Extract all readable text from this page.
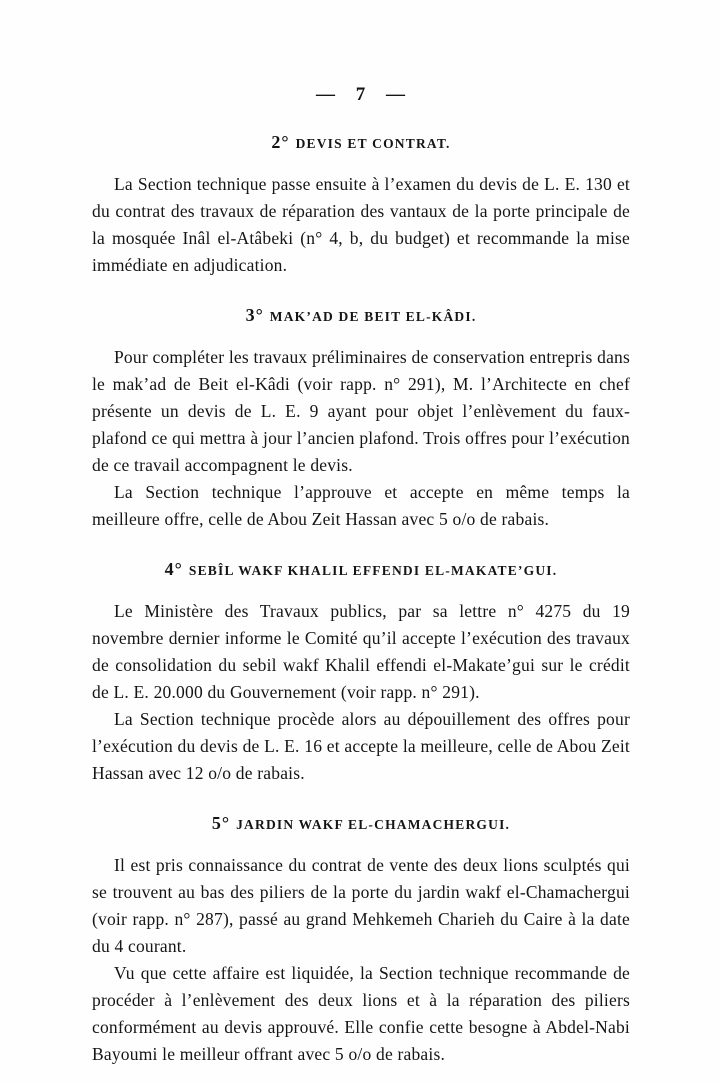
— 7 —
2° DEVIS ET CONTRAT.

La Section technique passe ensuite à l’examen du devis de L. E. 130 et du contrat des travaux de réparation des vantaux de la porte principale de la mosquée Inâl el-Atâbeki (n° 4, b, du budget) et recommande la mise immédiate en adjudication.

3° MAK’AD DE BEIT EL-KÂDI.

Pour compléter les travaux préliminaires de conservation entrepris dans le mak’ad de Beit el-Kâdi (voir rapp. n° 291), M. l’Architecte en chef présente un devis de L. E. 9 ayant pour objet l’enlèvement du faux-plafond ce qui mettra à jour l’ancien plafond. Trois offres pour l’exécution de ce travail accompagnent le devis.

La Section technique l’approuve et accepte en même temps la meilleure offre, celle de Abou Zeit Hassan avec 5 o/o de rabais.

4° SEBÎL WAKF KHALIL EFFENDI EL-MAKATE’GUI.

Le Ministère des Travaux publics, par sa lettre n° 4275 du 19 novembre dernier informe le Comité qu’il accepte l’exécution des travaux de consolidation du sebil wakf Khalil effendi el-Makate’gui sur le crédit de L. E. 20.000 du Gouvernement (voir rapp. n° 291).

La Section technique procède alors au dépouillement des offres pour l’exécution du devis de L. E. 16 et accepte la meilleure, celle de Abou Zeit Hassan avec 12 o/o de rabais.

5° JARDIN WAKF EL-CHAMACHERGUI.

Il est pris connaissance du contrat de vente des deux lions sculptés qui se trouvent au bas des piliers de la porte du jardin wakf el-Chamachergui (voir rapp. n° 287), passé au grand Mehkemeh Charieh du Caire à la date du 4 courant.

Vu que cette affaire est liquidée, la Section technique recommande de procéder à l’enlèvement des deux lions et à la réparation des piliers conformément au devis approuvé. Elle confie cette besogne à Abdel-Nabi Bayoumi le meilleur offrant avec 5 o/o de rabais.
